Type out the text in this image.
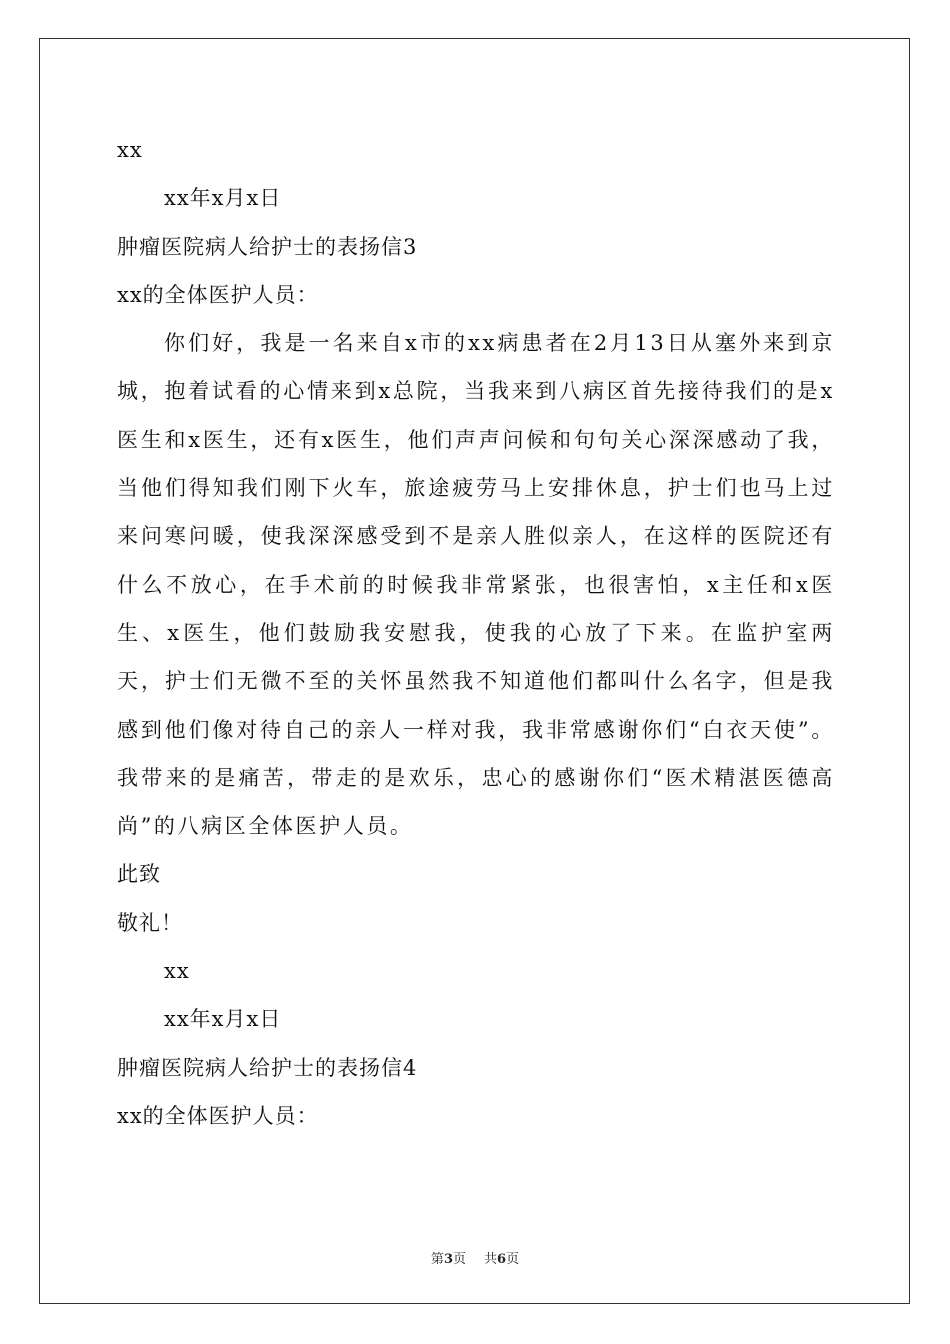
xx
xx年x月x日
肿瘤医院病人给护士的表扬信3
xx的全体医护人员：

你们好，我是一名来自x市的xx病患者在2月13日从塞外来到京城，抱着试看的心情来到x总院，当我来到八病区首先接待我们的是x医生和x医生，还有x医生，他们声声问候和句句关心深深感动了我，当他们得知我们刚下火车，旅途疲劳马上安排休息，护士们也马上过来问寒问暖，使我深深感受到不是亲人胜似亲人，在这样的医院还有什么不放心，在手术前的时候我非常紧张，也很害怕，x主任和x医生、x医生，他们鼓励我安慰我，使我的心放了下来。在监护室两天，护士们无微不至的关怀虽然我不知道他们都叫什么名字，但是我感到他们像对待自己的亲人一样对我，我非常感谢你们“白衣天使”。我带来的是痛苦，带走的是欢乐，忠心的感谢你们“医术精湛医德高尚”的八病区全体医护人员。

此致
敬礼！
xx
xx年x月x日
肿瘤医院病人给护士的表扬信4
xx的全体医护人员：
第3页 共6页
